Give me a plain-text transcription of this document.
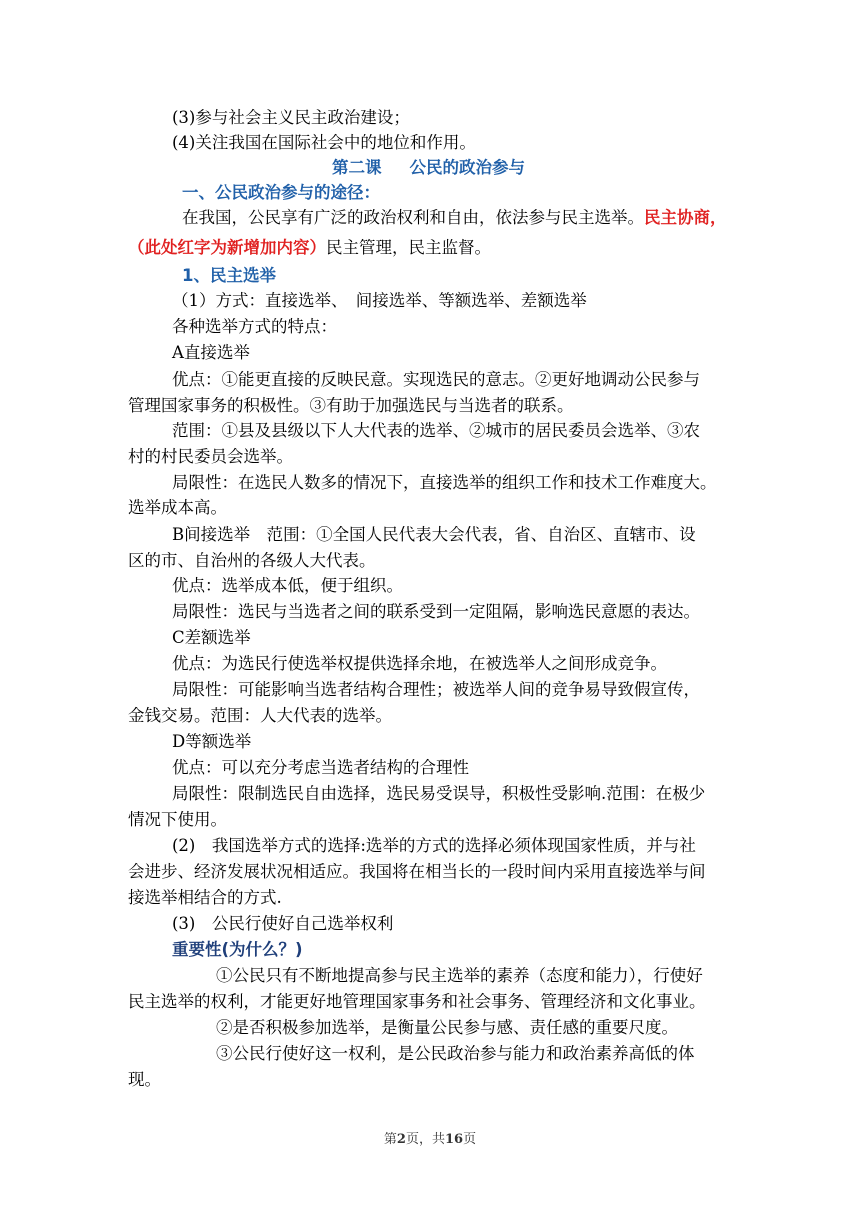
(3)参与社会主义民主政治建设；
(4)关注我国在国际社会中的地位和作用。
第二课 公民的政治参与
一、公民政治参与的途径：
在我国，公民享有广泛的政治权利和自由，依法参与民主选举。民主协商，
（此处红字为新增加内容）民主管理，民主监督。
1、民主选举
（1）方式：直接选举、　间接选举、等额选举、差额选举
各种选举方式的特点：
A直接选举
优点：①能更直接的反映民意。实现选民的意志。②更好地调动公民参与
管理国家事务的积极性。③有助于加强选民与当选者的联系。
范围：①县及县级以下人大代表的选举、②城市的居民委员会选举、③农
村的村民委员会选举。
局限性：在选民人数多的情况下，直接选举的组织工作和技术工作难度大。
选举成本高。
B间接选举　范围：①全国人民代表大会代表，省、自治区、直辖市、设
区的市、自治州的各级人大代表。
优点：选举成本低，便于组织。
局限性：选民与当选者之间的联系受到一定阻隔，影响选民意愿的表达。
C差额选举
优点：为选民行使选举权提供选择余地，在被选举人之间形成竞争。
局限性：可能影响当选者结构合理性；被选举人间的竞争易导致假宣传，
金钱交易。范围：人大代表的选举。
D等额选举
优点：可以充分考虑当选者结构的合理性
局限性：限制选民自由选择，选民易受误导，积极性受影响.范围：在极少
情况下使用。
(2)　我国选举方式的选择:选举的方式的选择必须体现国家性质，并与社
会进步、经济发展状况相适应。我国将在相当长的一段时间内采用直接选举与间
接选举相结合的方式.
(3)　公民行使好自己选举权利
重要性(为什么？)
①公民只有不断地提高参与民主选举的素养（态度和能力），行使好
民主选举的权利，才能更好地管理国家事务和社会事务、管理经济和文化事业。
②是否积极参加选举，是衡量公民参与感、责任感的重要尺度。
③公民行使好这一权利，是公民政治参与能力和政治素养高低的体
现。
第2页，共16页
